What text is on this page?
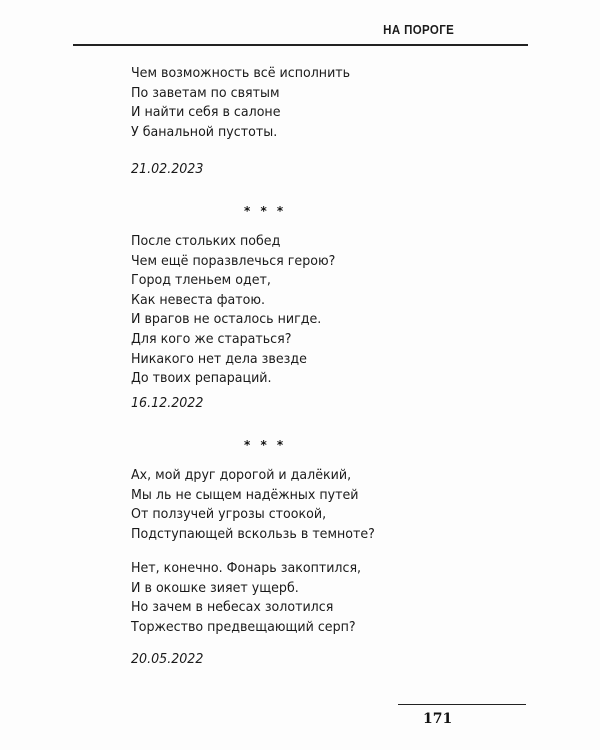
НА ПОРОГЕ
Чем возможность всё исполнить
По заветам по святым
И найти себя в салоне
У банальной пустоты.
21.02.2023
* * *
После стольких побед
Чем ещё поразвлечься герою?
Город тленьем одет,
Как невеста фатою.
И врагов не осталось нигде.
Для кого же стараться?
Никакого нет дела звезде
До твоих репараций.
16.12.2022
* * *
Ах, мой друг дорогой и далёкий,
Мы ль не сыщем надёжных путей
От ползучей угрозы стоокой,
Подступающей вскользь в темноте?
Нет, конечно. Фонарь закоптился,
И в окошке зияет ущерб.
Но зачем в небесах золотился
Торжество предвещающий серп?
20.05.2022
171
